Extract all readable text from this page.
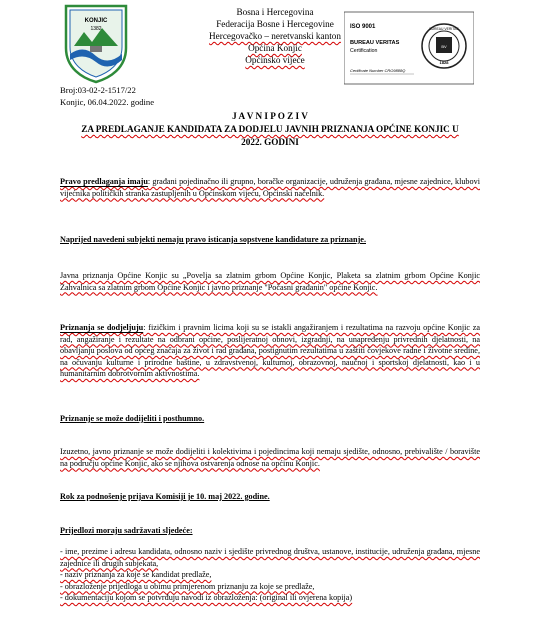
KONJIC
1382
Bosna i Hercegovina
Federacija Bosne i Hercegovine
Hercegovačko – neretvanski kanton
Općina Konjic
Općinsko vijeće
ISO 9001
BUREAU VERITAS
Certification
Certificate Number CRO9888Q
BV
1828
BUREAU VERITAS
Broj:03-02-2-1517/22
Konjic, 06.04.2022. godine
J A V N I P O Z I V
ZA PREDLAGANJE KANDIDATA ZA DODJELU JAVNIH PRIZNANJA OPĆINE KONJIC U
2022. GODINI
Pravo predlaganja imaju: građani pojedinačno ili grupno, boračke organizacije, udruženja građana, mjesne zajednice, klubovi vijećnika političkih stranka zastupljenih u Općinskom vijeću, Općinski načelnik.
Naprijed navedeni subjekti nemaju pravo isticanja sopstvene kandidature za priznanje.
Javna priznanja Općine Konjic su „Povelja sa zlatnim grbom Općine Konjic, Plaketa sa zlatnim grbom Općine Konjic Zahvalnica sa zlatnim grbom Općine Konjic i javno priznanje "Počasni građanin" općine Konjic.
Priznanja se dodjeljuju: fizičkim i pravnim licima koji su se istakli angažiranjem i rezultatima na razvoju općine Konjic za rad, angažiranje i rezultate na odbrani općine, poslijeratnoj obnovi, izgradnji, na unapređenju privrednih djelatnosti, na obavljanju poslova od općeg značaja za život i rad građana, postignutim rezultatima u zaštiti čovjekove radne i životne sredine, na očuvanju kulturne i prirodne baštine, u zdravstvenoj, kulturnoj, obrazovnoj, naučnoj i sportskoj djelatnosti, kao i u humanitarnim dobrotvornim aktivnostima.
Priznanje se može dodijeliti i posthumno.
Izuzetno, javno priznanje se može dodijeliti i kolektivima i pojedincima koji nemaju sjedište, odnosno, prebivalište / boravište na području općine Konjic, ako se njihova ostvarenja odnose na općinu Konjic.
Rok za podnošenje prijava Komisiji je 10. maj 2022. godine.
Prijedlozi moraju sadržavati sljedeće:
- ime, prezime i adresu kandidata, odnosno naziv i sjedište privrednog društva, ustanove, institucije, udruženja građana, mjesne zajednice ili drugih subjekata,
- naziv priznanja za koje se kandidat predlaže,
- obrazloženje prijedloga u obimu primjerenom priznanju za koje se predlaže,
- dokumentaciju kojom se potvrđuju navodi iz obrazloženja: (original ili ovjerena kopija)
